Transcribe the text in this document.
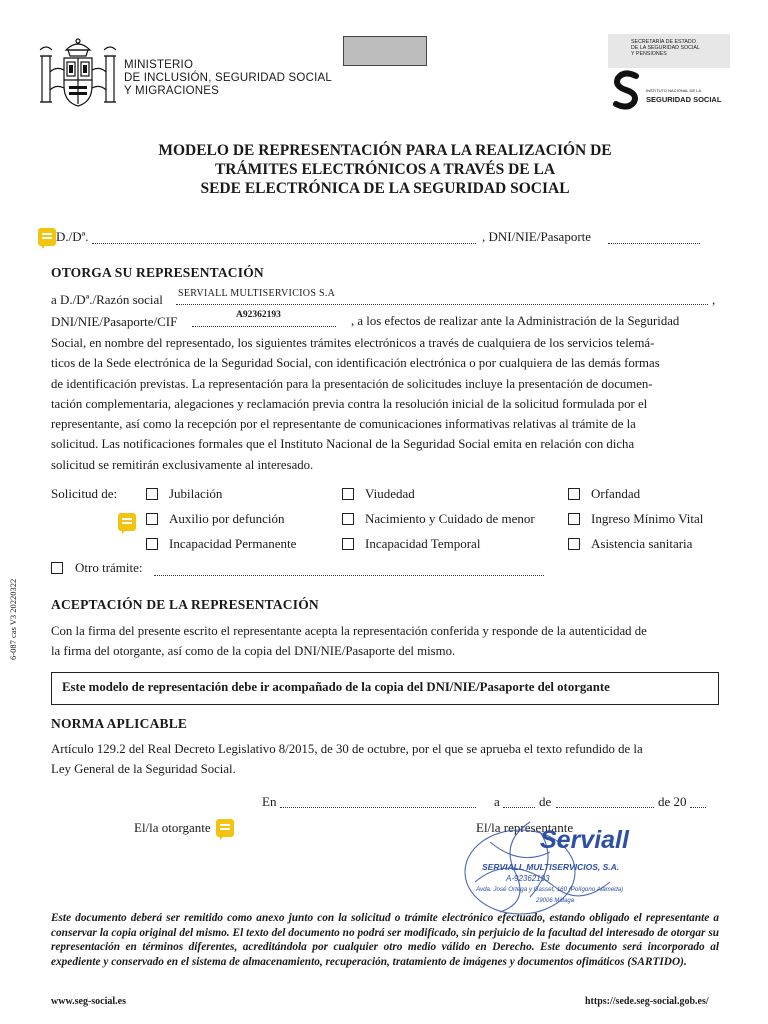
MINISTERIO
DE INCLUSIÓN, SEGURIDAD SOCIAL
Y MIGRACIONES
SECRETARÍA DE ESTADO
DE LA SEGURIDAD SOCIAL
Y PENSIONES
INSTITUTO NACIONAL DE LA
SEGURIDAD SOCIAL
MODELO DE REPRESENTACIÓN PARA LA REALIZACIÓN DE
TRÁMITES ELECTRÓNICOS A TRAVÉS DE LA
SEDE ELECTRÓNICA DE LA SEGURIDAD SOCIAL
D./Dª.	, DNI/NIE/Pasaporte
OTORGA SU REPRESENTACIÓN
a D./Dª./Razón social SERVIALL MULTISERVICIOS S.A	,
DNI/NIE/Pasaporte/CIF	A92362193	, a los efectos de realizar ante la Administración de la Seguridad
Social, en nombre del representado, los siguientes trámites electrónicos a través de cualquiera de los servicios telemá-
ticos de la Sede electrónica de la Seguridad Social, con identificación electrónica o por cualquiera de las demás formas
de identificación previstas. La representación para la presentación de solicitudes incluye la presentación de documen-
tación complementaria, alegaciones y reclamación previa contra la resolución inicial de la solicitud formulada por el
representante, así como la recepción por el representante de comunicaciones informativas relativas al trámite de la
solicitud. Las notificaciones formales que el Instituto Nacional de la Seguridad Social emita en relación con dicha
solicitud se remitirán exclusivamente al interesado.
Solicitud de:	Jubilación	Viudedad	Orfandad
Auxilio por defunción	Nacimiento y Cuidado de menor	Ingreso Mínimo Vital
Incapacidad Permanente	Incapacidad Temporal	Asistencia sanitaria
Otro trámite:
ACEPTACIÓN DE LA REPRESENTACIÓN
Con la firma del presente escrito el representante acepta la representación conferida y responde de la autenticidad de
la firma del otorgante, así como de la copia del DNI/NIE/Pasaporte del mismo.
Este modelo de representación debe ir acompañado de la copia del DNI/NIE/Pasaporte del otorgante
NORMA APLICABLE
Artículo 129.2 del Real Decreto Legislativo 8/2015, de 30 de octubre, por el que se aprueba el texto refundido de la
Ley General de la Seguridad Social.
En	a	de	de 20
El/la otorgante	El/la representante
Serviall
SERVIALL MULTISERVICIOS, S.A.
A-92362193
Avda. José Ortega y Gasset, 160 (Polígono Alameda)
29006 Málaga
Este documento deberá ser remitido como anexo junto con la solicitud o trámite electrónico efectuado, estando obligado el representante a conservar la copia original del mismo. El texto del documento no podrá ser modificado, sin perjuicio de la facultad del interesado de otorgar su representación en términos diferentes, acreditándola por cualquier otro medio válido en Derecho. Este documento será incorporado al expediente y conservado en el sistema de almacenamiento, recuperación, tratamiento de imágenes y documentos ofimáticos (SARTIDO).
www.seg-social.es	https://sede.seg-social.gob.es/
6-087 cas V3 20220322
